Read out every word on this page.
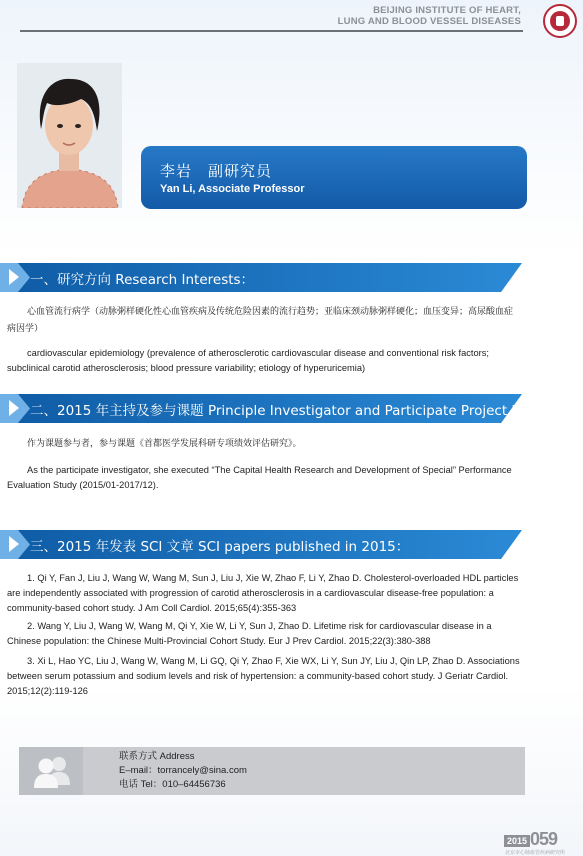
BEIJING INSTITUTE OF HEART,
LUNG AND BLOOD VESSEL DISEASES
李岩　副研究员
Yan Li, Associate Professor
一、研究方向 Research Interests：
心血管流行病学（动脉粥样硬化性心血管疾病及传统危险因素的流行趋势；亚临床颈动脉粥样硬化；血压变异；高尿酸血症病因学）
cardiovascular epidemiology (prevalence of atherosclerotic cardiovascular disease and conventional risk factors; subclinical carotid atherosclerosis; blood pressure variability; etiology of hyperuricemia)
二、2015 年主持及参与课题 Principle Investigator and Participate Project in 2015：
作为课题参与者，参与课题《首都医学发展科研专项绩效评估研究》。
As the participate investigator, she executed “The Capital Health Research and Development of Special” Performance Evaluation Study (2015/01-2017/12).
三、2015 年发表 SCI 文章 SCI papers published in 2015：
1. Qi Y, Fan J, Liu J, Wang W, Wang M, Sun J, Liu J, Xie W, Zhao F, Li Y, Zhao D. Cholesterol-overloaded HDL particles are independently associated with progression of carotid atherosclerosis in a cardiovascular disease-free population: a community-based cohort study. J Am Coll Cardiol. 2015;65(4):355-363
2. Wang Y, Liu J, Wang W, Wang M, Qi Y, Xie W, Li Y, Sun J, Zhao D. Lifetime risk for cardiovascular disease in a Chinese population: the Chinese Multi-Provincial Cohort Study. Eur J Prev Cardiol. 2015;22(3):380-388
3. Xi L, Hao YC, Liu J, Wang W, Wang M, Li GQ, Qi Y, Zhao F, Xie WX, Li Y, Sun JY, Liu J, Qin LP, Zhao D. Associations between serum potassium and sodium levels and risk of hypertension: a community-based cohort study. J Geriatr Cardiol. 2015;12(2):119-126
联系方式 Address
E–mail：torrancely@sina.com
电话 Tel：010–64456736
2015 059
北京市心肺血管疾病研究所
